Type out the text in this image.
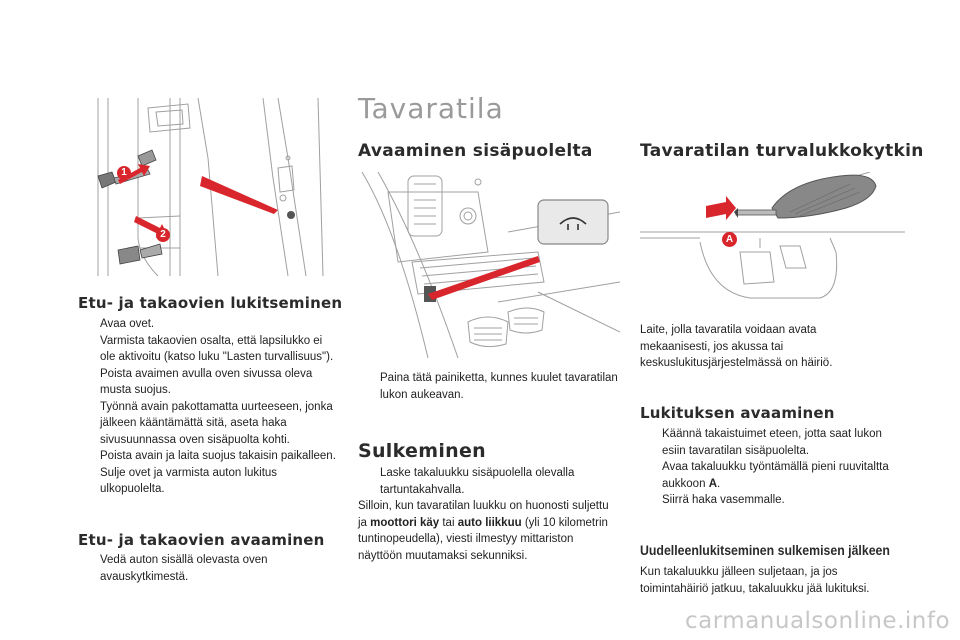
Tavaratila
1
2
Etu- ja takaovien lukitseminen
Avaa ovet.
Varmista takaovien osalta, että lapsilukko ei ole aktivoitu (katso luku "Lasten turvallisuus").
Poista avaimen avulla oven sivussa oleva musta suojus.
Työnnä avain pakottamatta uurteeseen, jonka jälkeen kääntämättä sitä, aseta haka sivusuunnassa oven sisäpuolta kohti.
Poista avain ja laita suojus takaisin paikalleen.
Sulje ovet ja varmista auton lukitus ulkopuolelta.
Etu- ja takaovien avaaminen
Vedä auton sisällä olevasta oven avauskytkimestä.
Avaaminen sisäpuolelta
Paina tätä painiketta, kunnes kuulet tavaratilan lukon aukeavan.
Sulkeminen
Laske takaluukku sisäpuolella olevalla tartuntakahvalla.

Silloin, kun tavaratilan luukku on huonosti suljettu ja moottori käy tai auto liikkuu (yli 10 kilometrin tuntinopeudella), viesti ilmestyy mittariston näyttöön muutamaksi sekunniksi.

Tavaratilan turvalukkokytkin
A

Laite, jolla tavaratila voidaan avata mekaanisesti, jos akussa tai keskuslukitusjärjestelmässä on häiriö.

Lukituksen avaaminen
Käännä takaistuimet eteen, jotta saat lukon esiin tavaratilan sisäpuolelta.
Avaa takaluukku työntämällä pieni ruuvitaltta aukkoon A.
Siirrä haka vasemmalle.
Uudelleenlukitseminen sulkemisen jälkeen

Kun takaluukku jälleen suljetaan, ja jos toimintahäiriö jatkuu, takaluukku jää lukituksi.

carmanualsonline.info
